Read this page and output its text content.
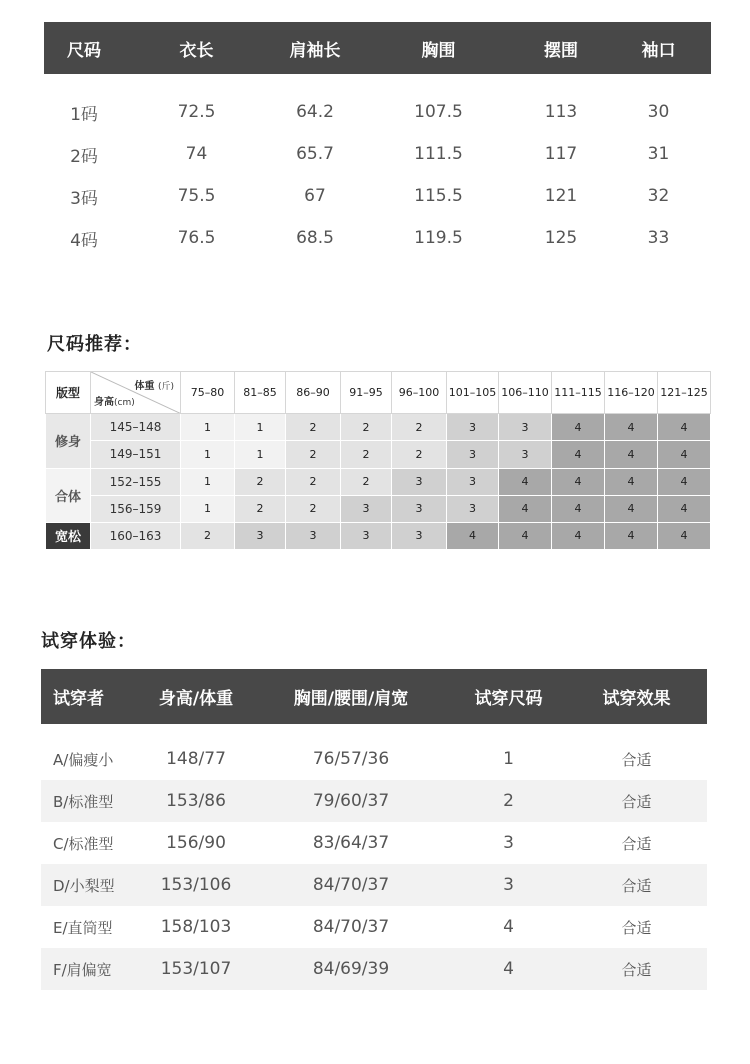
尺码	衣长	肩袖长	胸围	摆围	袖口
1码	72.5	64.2	107.5	113	30
2码	74	65.7	111.5	117	31
3码	75.5	67	115.5	121	32
4码	76.5	68.5	119.5	125	33
尺码推荐：
版型	体重 (斤)
身高(cm)	75–80	81–85	86–90	91–95	96–100	101–105	106–110	111–115	116–120	121–125
修身	145–148	1	1	2	2	2	3	3	4	4	4
	149–151	1	1	2	2	2	3	3	4	4	4
合体	152–155	1	2	2	2	3	3	4	4	4	4
	156–159	1	2	2	3	3	3	4	4	4	4
宽松	160–163	2	3	3	3	3	4	4	4	4	4
试穿体验：
试穿者	身高/体重	胸围/腰围/肩宽	试穿尺码	试穿效果
A/偏瘦小	148/77	76/57/36	1	合适
B/标准型	153/86	79/60/37	2	合适
C/标准型	156/90	83/64/37	3	合适
D/小梨型	153/106	84/70/37	3	合适
E/直筒型	158/103	84/70/37	4	合适
F/肩偏宽	153/107	84/69/39	4	合适
